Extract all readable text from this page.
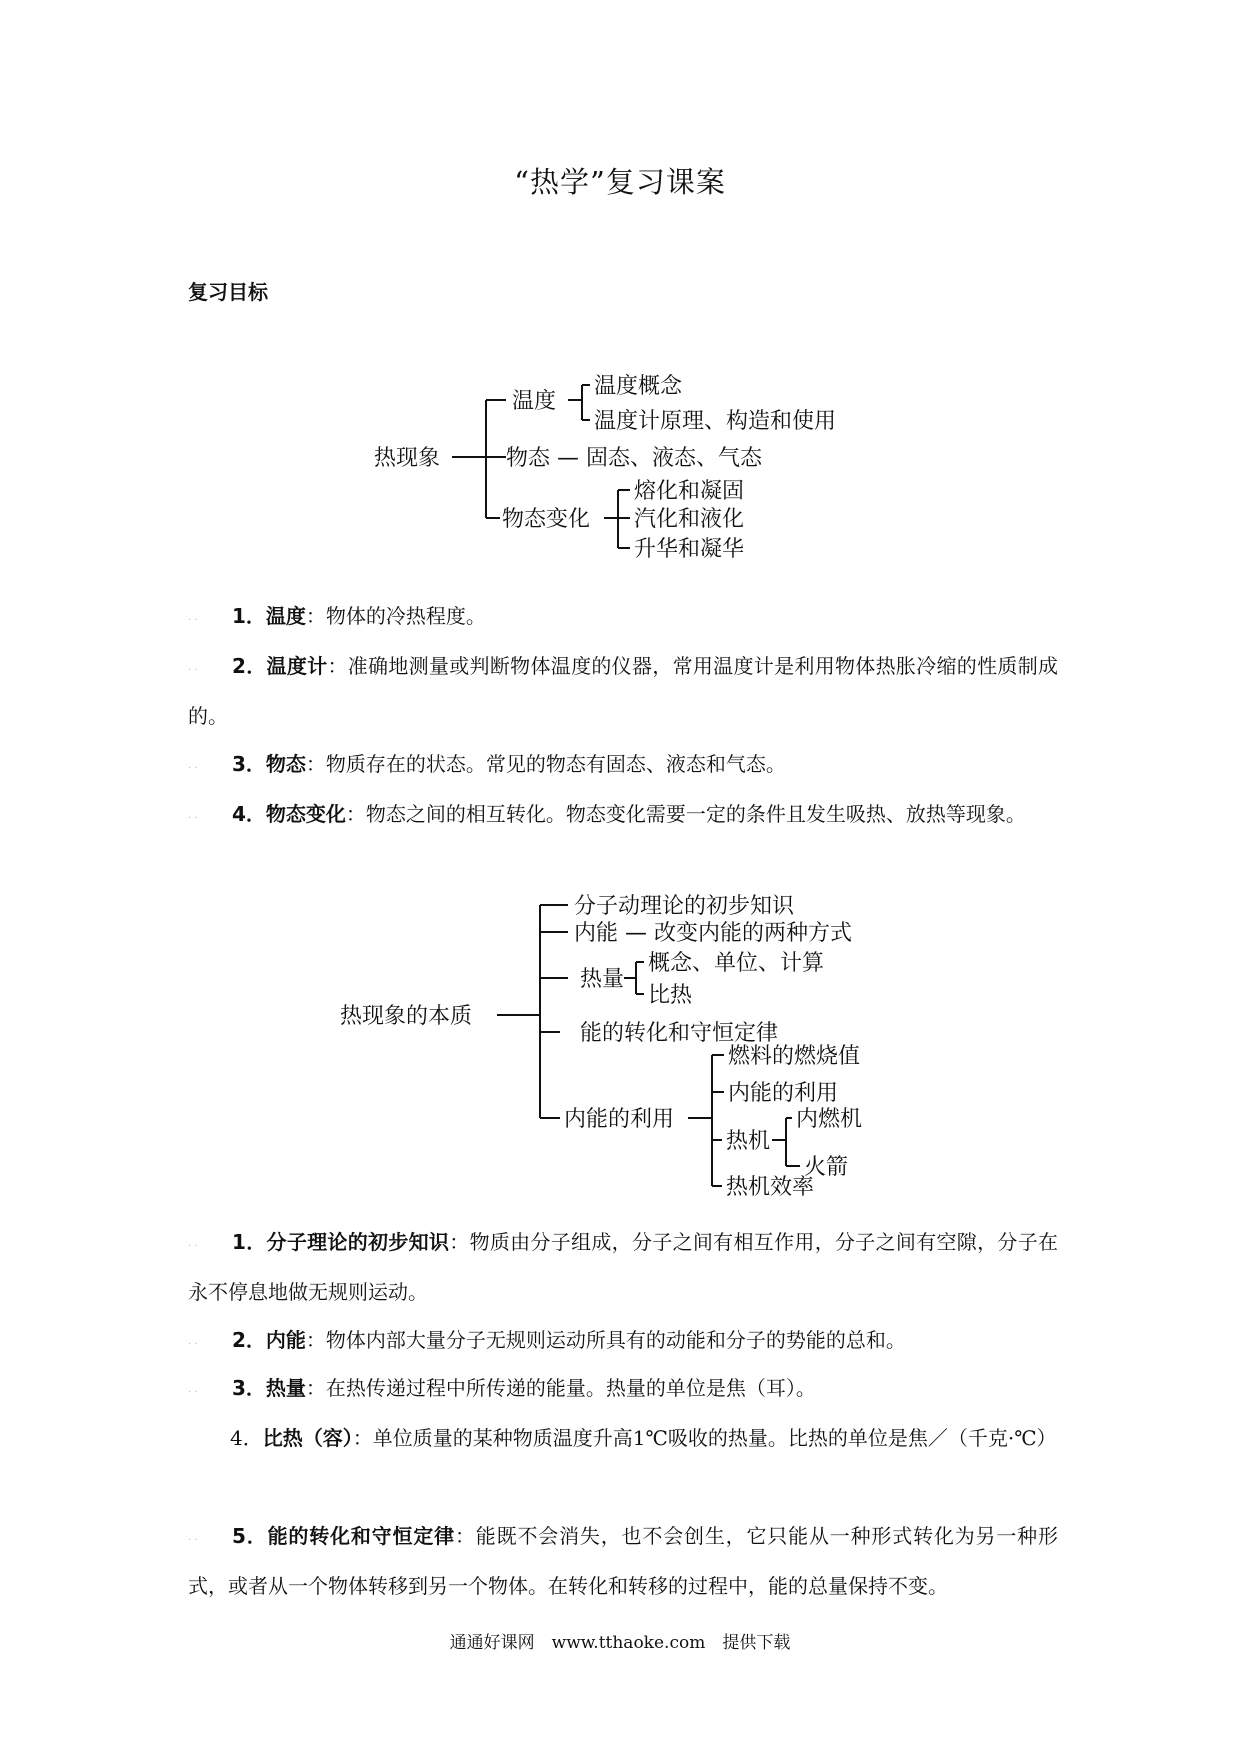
“热学”复习课案
复习目标
热现象
温度
温度概念
温度计原理、构造和使用
物态 — 固态、液态、气态
物态变化
熔化和凝固
汽化和液化
升华和凝华
. . 1．温度：物体的冷热程度。
. . 2．温度计：准确地测量或判断物体温度的仪器，常用温度计是利用物体热胀冷缩的性质制成的。
. . 3．物态：物质存在的状态。常见的物态有固态、液态和气态。
. . 4．物态变化：物态之间的相互转化。物态变化需要一定的条件且发生吸热、放热等现象。
热现象的本质
分子动理论的初步知识
内能 — 改变内能的两种方式
热量
概念、单位、计算
比热
能的转化和守恒定律
内能的利用
燃料的燃烧值
内能的利用
热机
内燃机
火箭
热机效率
. . 1．分子理论的初步知识：物质由分子组成，分子之间有相互作用，分子之间有空隙，分子在永不停息地做无规则运动。
. . 2．内能：物体内部大量分子无规则运动所具有的动能和分子的势能的总和。
. . 3．热量：在热传递过程中所传递的能量。热量的单位是焦（耳）。
4．比热（容）：单位质量的某种物质温度升高1℃吸收的热量。比热的单位是焦／（千克·℃）
. . 5．能的转化和守恒定律：能既不会消失，也不会创生，它只能从一种形式转化为另一种形式，或者从一个物体转移到另一个物体。在转化和转移的过程中，能的总量保持不变。
通通好课网　www.tthaoke.com　提供下载
